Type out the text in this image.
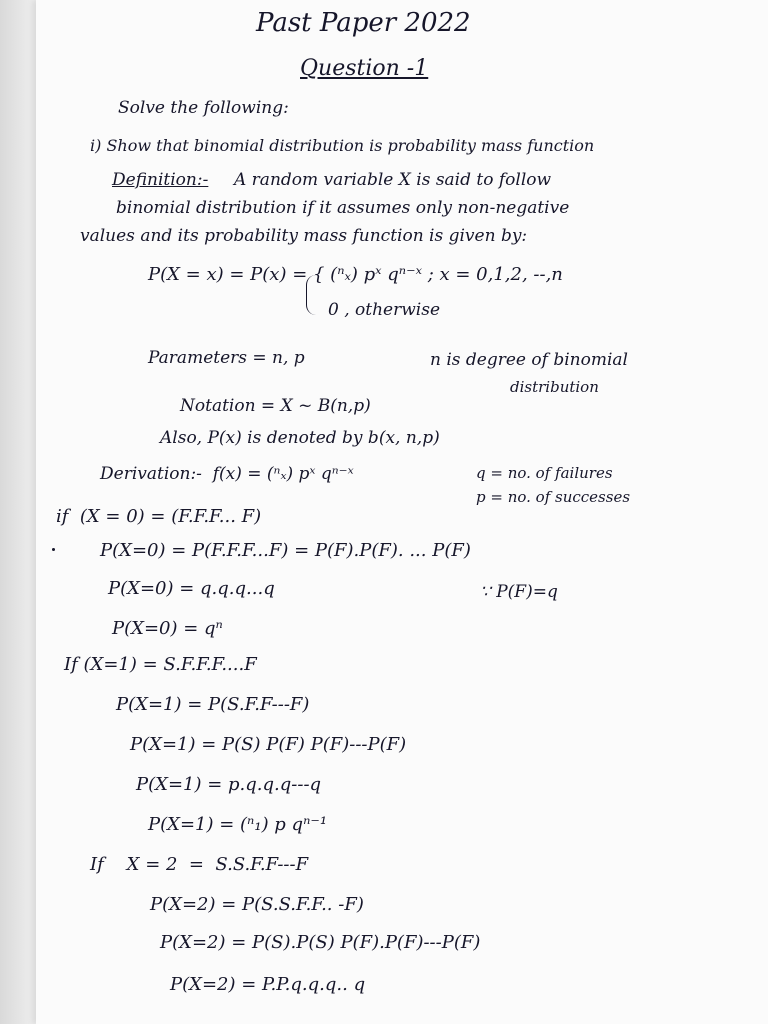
Past Paper 2022

Question -1

Solve the following:

i) Show that binomial distribution is probability mass function

Definition:- A random variable X is said to follow

binomial distribution if it assumes only non-negative

values and its probability mass function is given by:

P(X = x) = P(x) = { (ⁿₓ) pˣ qⁿ⁻ˣ ; x = 0,1,2, --,n

0 , otherwise

Parameters = n, p	n is degree of binomial

distribution

Notation = X ~ B(n,p)

Also, P(x) is denoted by b(x, n,p)

Derivation:-  f(x) = (ⁿₓ) pˣ qⁿ⁻ˣ	q = no. of failures

p = no. of successes

if  (X = 0) = (F.F.F... F)

P(X=0) = P(F.F.F...F) = P(F).P(F). ... P(F)

P(X=0) = q.q.q...q	∵ P(F)=q

P(X=0) = qⁿ

If (X=1) = S.F.F.F....F

P(X=1) = P(S.F.F---F)

P(X=1) = P(S) P(F) P(F)---P(F)

P(X=1) = p.q.q.q---q

P(X=1) = (ⁿ₁) p qⁿ⁻¹

If    X = 2  =  S.S.F.F---F

P(X=2) = P(S.S.F.F.. -F)

P(X=2) = P(S).P(S) P(F).P(F)---P(F)

P(X=2) = P.P.q.q.q.. q
